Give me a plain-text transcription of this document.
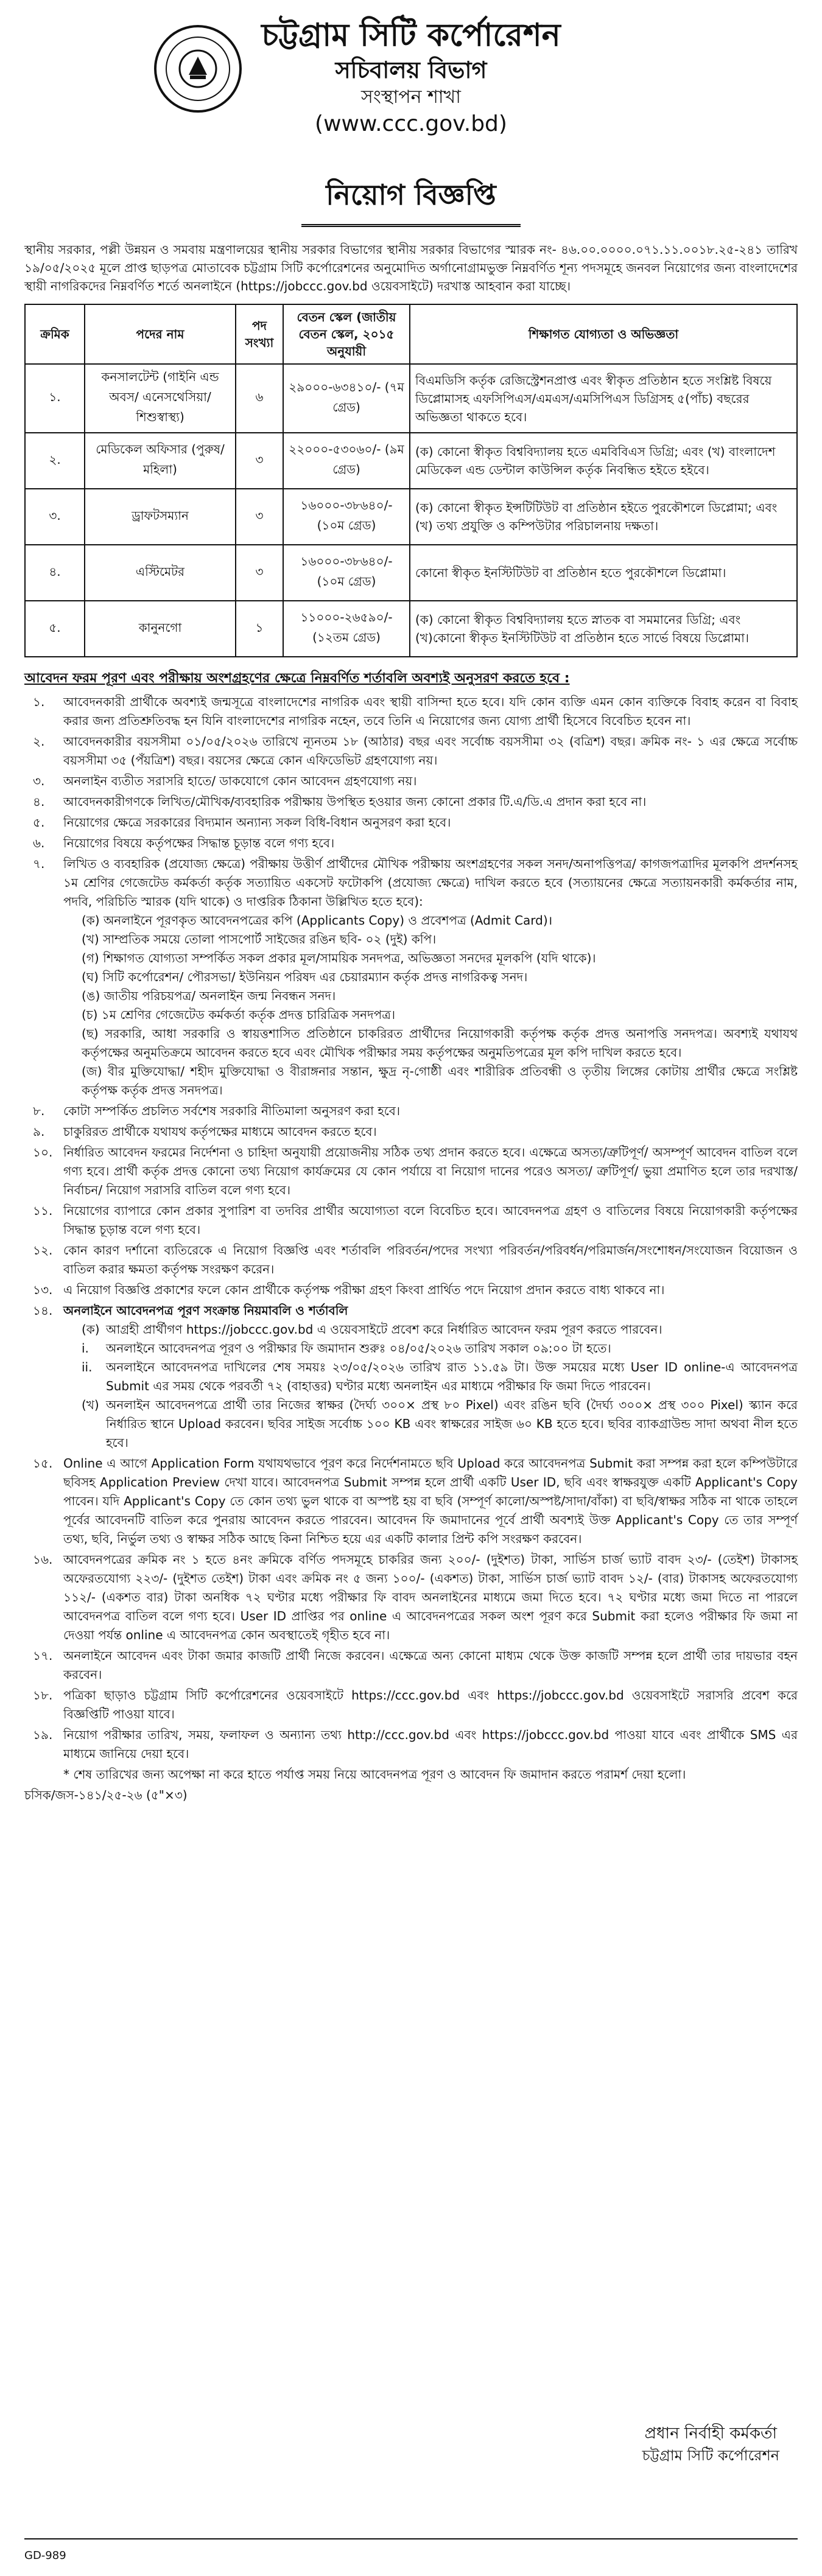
চট্টগ্রাম সিটি কর্পোরেশন
সচিবালয় বিভাগ
সংস্থাপন শাখা
(www.ccc.gov.bd)
নিয়োগ বিজ্ঞপ্তি
স্থানীয় সরকার, পল্লী উন্নয়ন ও সমবায় মন্ত্রণালয়ের স্থানীয় সরকার বিভাগের স্থানীয় সরকার বিভাগের স্মারক নং- ৪৬.০০.০০০০.০৭১.১১.০০১৮.২৫-২৪১ তারিখ ১৯/০৫/২০২৫ মূলে প্রাপ্ত ছাড়পত্র মোতাবেক চট্টগ্রাম সিটি কর্পোরেশনের অনুমোদিত অর্গানোগ্রামভুক্ত নিম্নবর্ণিত শূন্য পদসমূহে জনবল নিয়োগের জন্য বাংলাদেশের স্থায়ী নাগরিকদের নিম্নবর্ণিত শর্তে অনলাইনে (https://jobccc.gov.bd ওয়েবসাইটে) দরখাস্ত আহবান করা যাচ্ছে।
ক্রমিক	পদের নাম	পদ সংখ্যা	বেতন স্কেল (জাতীয় বেতন স্কেল, ২০১৫ অনুযায়ী	শিক্ষাগত যোগ্যতা ও অভিজ্ঞতা
১.	কনসালটেন্ট (গাইনি এন্ড অবস/ এনেসথেসিয়া/ শিশুস্বাস্থ্য)	৬	২৯০০০-৬৩৪১০/- (৭ম গ্রেড)	বিএমডিসি কর্তৃক রেজিস্ট্রেশনপ্রাপ্ত এবং স্বীকৃত প্রতিষ্ঠান হতে সংশ্লিষ্ট বিষয়ে ডিপ্লোমাসহ এফসিপিএস/এমএস/এমসিপিএস ডিগ্রিসহ ৫(পাঁচ) বছরের অভিজ্ঞতা থাকতে হবে।
২.	মেডিকেল অফিসার (পুরুষ/মহিলা)	৩	২২০০০-৫৩০৬০/- (৯ম গ্রেড)	(ক) কোনো স্বীকৃত বিশ্ববিদ্যালয় হতে এমবিবিএস ডিগ্রি; এবং (খ) বাংলাদেশ মেডিকেল এন্ড ডেন্টাল কাউন্সিল কর্তৃক নিবন্ধিত হইতে হইবে।
৩.	ড্রাফটসম্যান	৩	১৬০০০-৩৮৬৪০/- (১০ম গ্রেড)	(ক) কোনো স্বীকৃত ইন্সটিটিউট বা প্রতিষ্ঠান হইতে পুরকৌশলে ডিপ্লোমা; এবং (খ) তথ্য প্রযুক্তি ও কম্পিউটার পরিচালনায় দক্ষতা।
৪.	এস্টিমেটর	৩	১৬০০০-৩৮৬৪০/- (১০ম গ্রেড)	কোনো স্বীকৃত ইনস্টিটিউট বা প্রতিষ্ঠান হতে পুরকৌশলে ডিপ্লোমা।
৫.	কানুনগো	১	১১০০০-২৬৫৯০/- (১২তম গ্রেড)	(ক) কোনো স্বীকৃত বিশ্ববিদ্যালয় হতে স্নাতক বা সমমানের ডিগ্রি; এবং (খ)কোনো স্বীকৃত ইনস্টিটিউট বা প্রতিষ্ঠান হতে সার্ভে বিষয়ে ডিপ্লোমা।
আবেদন ফরম পূরণ এবং পরীক্ষায় অংশগ্রহণের ক্ষেত্রে নিম্নবর্ণিত শর্তাবলি অবশ্যই অনুসরণ করতে হবে :
১. আবেদনকারী প্রার্থীকে অবশ্যই জন্মসূত্রে বাংলাদেশের নাগরিক এবং স্থায়ী বাসিন্দা হতে হবে। যদি কোন ব্যক্তি এমন কোন ব্যক্তিকে বিবাহ করেন বা বিবাহ করার জন্য প্রতিশ্রুতিবদ্ধ হন যিনি বাংলাদেশের নাগরিক নহেন, তবে তিনি এ নিয়োগের জন্য যোগ্য প্রার্থী হিসেবে বিবেচিত হবেন না।
২. আবেদনকারীর বয়সসীমা ০১/০৫/২০২৬ তারিখে ন্যূনতম ১৮ (আঠার) বছর এবং সর্বোচ্চ বয়সসীমা ৩২ (বত্রিশ) বছর। ক্রমিক নং- ১ এর ক্ষেত্রে সর্বোচ্চ বয়সসীমা ৩৫ (পঁয়ত্রিশ) বছর। বয়সের ক্ষেত্রে কোন এফিডেভিট গ্রহণযোগ্য নয়।
৩. অনলাইন ব্যতীত সরাসরি হাতে/ ডাকযোগে কোন আবেদন গ্রহণযোগ্য নয়।
৪. আবেদনকারীগণকে লিখিত/মৌখিক/ব্যবহারিক পরীক্ষায় উপস্থিত হওয়ার জন্য কোনো প্রকার টি.এ/ডি.এ প্রদান করা হবে না।
৫. নিয়োগের ক্ষেত্রে সরকারের বিদ্যমান অন্যান্য সকল বিধি-বিধান অনুসরণ করা হবে।
৬. নিয়োগের বিষয়ে কর্তৃপক্ষের সিদ্ধান্ত চূড়ান্ত বলে গণ্য হবে।
৭. লিখিত ও ব্যবহারিক (প্রযোজ্য ক্ষেত্রে) পরীক্ষায় উত্তীর্ণ প্রার্থীদের মৌখিক পরীক্ষায় অংশগ্রহণের সকল সনদ/অনাপত্তিপত্র/ কাগজপত্রাদির মূলকপি প্রদর্শনসহ ১ম শ্রেণির গেজেটেড কর্মকর্তা কর্তৃক সত্যায়িত একসেট ফটোকপি (প্রযোজ্য ক্ষেত্রে) দাখিল করতে হবে (সত্যায়নের ক্ষেত্রে সত্যায়নকারী কর্মকর্তার নাম, পদবি, পরিচিতি স্মারক (যদি থাকে) ও দাপ্তরিক ঠিকানা উল্লিখিত হতে হবে):
(ক) অনলাইনে পূরণকৃত আবেদনপত্রের কপি (Applicants Copy) ও প্রবেশপত্র (Admit Card)।
(খ) সাম্প্রতিক সময়ে তোলা পাসপোর্ট সাইজের রঙিন ছবি- ০২ (দুই) কপি।
(গ) শিক্ষাগত যোগ্যতা সম্পর্কিত সকল প্রকার মূল/সাময়িক সনদপত্র, অভিজ্ঞতা সনদের মূলকপি (যদি থাকে)।
(ঘ) সিটি কর্পোরেশন/ পৌরসভা/ ইউনিয়ন পরিষদ এর চেয়ারম্যান কর্তৃক প্রদত্ত নাগরিকত্ব সনদ।
(ঙ) জাতীয় পরিচয়পত্র/ অনলাইন জন্ম নিবন্ধন সনদ।
(চ) ১ম শ্রেণির গেজেটেড কর্মকর্তা কর্তৃক প্রদত্ত চারিত্রিক সনদপত্র।
(ছ) সরকারি, আধা সরকারি ও স্বায়ত্তশাসিত প্রতিষ্ঠানে চাকরিরত প্রার্থীদের নিয়োগকারী কর্তৃপক্ষ কর্তৃক প্রদত্ত অনাপত্তি সনদপত্র। অবশ্যই যথাযথ কর্তৃপক্ষের অনুমতিক্রমে আবেদন করতে হবে এবং মৌখিক পরীক্ষার সময় কর্তৃপক্ষের অনুমতিপত্রের মূল কপি দাখিল করতে হবে।
(জ) বীর মুক্তিযোদ্ধা/ শহীদ মুক্তিযোদ্ধা ও বীরাঙ্গনার সন্তান, ক্ষুদ্র নৃ-গোষ্ঠী এবং শারীরিক প্রতিবন্ধী ও তৃতীয় লিঙ্গের কোটায় প্রার্থীর ক্ষেত্রে সংশ্লিষ্ট কর্তৃপক্ষ কর্তৃক প্রদত্ত সনদপত্র।
৮. কোটা সম্পর্কিত প্রচলিত সর্বশেষ সরকারি নীতিমালা অনুসরণ করা হবে।
৯. চাকুরিরত প্রার্থীকে যথাযথ কর্তৃপক্ষের মাধ্যমে আবেদন করতে হবে।
১০. নির্ধারিত আবেদন ফরমের নির্দেশনা ও চাহিদা অনুযায়ী প্রয়োজনীয় সঠিক তথ্য প্রদান করতে হবে। এক্ষেত্রে অসত্য/ত্রুটিপূর্ণ/ অসম্পূর্ণ আবেদন বাতিল বলে গণ্য হবে। প্রার্থী কর্তৃক প্রদত্ত কোনো তথ্য নিয়োগ কার্যক্রমের যে কোন পর্যায়ে বা নিয়োগ দানের পরেও অসত্য/ ত্রুটিপূর্ণ/ ভুয়া প্রমাণিত হলে তার দরখাস্ত/ নির্বাচন/ নিয়োগ সরাসরি বাতিল বলে গণ্য হবে।
১১. নিয়োগের ব্যাপারে কোন প্রকার সুপারিশ বা তদবির প্রার্থীর অযোগ্যতা বলে বিবেচিত হবে। আবেদনপত্র গ্রহণ ও বাতিলের বিষয়ে নিয়োগকারী কর্তৃপক্ষের সিদ্ধান্ত চূড়ান্ত বলে গণ্য হবে।
১২. কোন কারণ দর্শানো ব্যতিরেকে এ নিয়োগ বিজ্ঞপ্তি এবং শর্তাবলি পরিবর্তন/পদের সংখ্যা পরিবর্তন/পরিবর্ধন/পরিমার্জন/সংশোধন/সংযোজন বিয়োজন ও বাতিল করার ক্ষমতা কর্তৃপক্ষ সংরক্ষণ করেন।
১৩. এ নিয়োগ বিজ্ঞপ্তি প্রকাশের ফলে কোন প্রার্থীকে কর্তৃপক্ষ পরীক্ষা গ্রহণ কিংবা প্রার্থিত পদে নিয়োগ প্রদান করতে বাধ্য থাকবে না।
১৪. অনলাইনে আবেদনপত্র পূরণ সংক্রান্ত নিয়মাবলি ও শর্তাবলি
(ক) আগ্রহী প্রার্থীগণ https://jobccc.gov.bd এ ওয়েবসাইটে প্রবেশ করে নির্ধারিত আবেদন ফরম পূরণ করতে পারবেন।
i. অনলাইনে আবেদনপত্র পূরণ ও পরীক্ষার ফি জমাদান শুরুঃ ০৪/০৫/২০২৬ তারিখ সকাল ০৯:০০ টা হতে।
ii. অনলাইনে আবেদনপত্র দাখিলের শেষ সময়ঃ ২৩/০৫/২০২৬ তারিখ রাত ১১.৫৯ টা। উক্ত সময়ের মধ্যে User ID online-এ আবেদনপত্র Submit এর সময় থেকে পরবর্তী ৭২ (বাহাত্তর) ঘণ্টার মধ্যে অনলাইন এর মাধ্যমে পরীক্ষার ফি জমা দিতে পারবেন।
(খ) অনলাইন আবেদনপত্রে প্রার্থী তার নিজের স্বাক্ষর (দৈর্ঘ্য ৩০০× প্রস্থ ৮০ Pixel) এবং রঙিন ছবি (দৈর্ঘ্য ৩০০× প্রস্থ ৩০০ Pixel) স্ক্যান করে নির্ধারিত স্থানে Upload করবেন। ছবির সাইজ সর্বোচ্চ ১০০ KB এবং স্বাক্ষরের সাইজ ৬০ KB হতে হবে। ছবির ব্যাকগ্রাউন্ড সাদা অথবা নীল হতে হবে।
১৫. Online এ আগে Application Form যথাযথভাবে পূরণ করে নির্দেশনামতে ছবি Upload করে আবেদনপত্র Submit করা সম্পন্ন করা হলে কম্পিউটারে ছবিসহ Application Preview দেখা যাবে। আবেদনপত্র Submit সম্পন্ন হলে প্রার্থী একটি User ID, ছবি এবং স্বাক্ষরযুক্ত একটি Applicant's Copy পাবেন। যদি Applicant's Copy তে কোন তথ্য ভুল থাকে বা অস্পষ্ট হয় বা ছবি (সম্পূর্ণ কালো/অস্পষ্ট/সাদা/বাঁকা) বা ছবি/স্বাক্ষর সঠিক না থাকে তাহলে পূর্বের আবেদনটি বাতিল করে পুনরায় আবেদন করতে পারবেন। আবেদন ফি জমাদানের পূর্বে প্রার্থী অবশ্যই উক্ত Applicant's Copy তে তার সম্পূর্ণ তথ্য, ছবি, নির্ভুল তথ্য ও স্বাক্ষর সঠিক আছে কিনা নিশ্চিত হয়ে এর একটি কালার প্রিন্ট কপি সংরক্ষণ করবেন।
১৬. আবেদনপত্রের ক্রমিক নং ১ হতে ৪নং ক্রমিকে বর্ণিত পদসমূহে চাকরির জন্য ২০০/- (দুইশত) টাকা, সার্ভিস চার্জ ভ্যাট বাবদ ২৩/- (তেইশ) টাকাসহ অফেরতযোগ্য ২২৩/- (দুইশত তেইশ) টাকা এবং ক্রমিক নং ৫ জন্য ১০০/- (একশত) টাকা, সার্ভিস চার্জ ভ্যাট বাবদ ১২/- (বার) টাকাসহ অফেরতযোগ্য ১১২/- (একশত বার) টাকা অনধিক ৭২ ঘণ্টার মধ্যে পরীক্ষার ফি বাবদ অনলাইনের মাধ্যমে জমা দিতে হবে। ৭২ ঘণ্টার মধ্যে জমা দিতে না পারলে আবেদনপত্র বাতিল বলে গণ্য হবে। User ID প্রাপ্তির পর online এ আবেদনপত্রের সকল অংশ পূরণ করে Submit করা হলেও পরীক্ষার ফি জমা না দেওয়া পর্যন্ত online এ আবেদনপত্র কোন অবস্থাতেই গৃহীত হবে না।
১৭. অনলাইনে আবেদন এবং টাকা জমার কাজটি প্রার্থী নিজে করবেন। এক্ষেত্রে অন্য কোনো মাধ্যম থেকে উক্ত কাজটি সম্পন্ন হলে প্রার্থী তার দায়ভার বহন করবেন।
১৮. পত্রিকা ছাড়াও চট্টগ্রাম সিটি কর্পোরেশনের ওয়েবসাইটে https://ccc.gov.bd এবং https://jobccc.gov.bd ওয়েবসাইটে সরাসরি প্রবেশ করে বিজ্ঞপ্তিটি পাওয়া যাবে।
১৯. নিয়োগ পরীক্ষার তারিখ, সময়, ফলাফল ও অন্যান্য তথ্য http://ccc.gov.bd এবং https://jobccc.gov.bd পাওয়া যাবে এবং প্রার্থীকে SMS এর মাধ্যমে জানিয়ে দেয়া হবে।
* শেষ তারিখের জন্য অপেক্ষা না করে হাতে পর্যাপ্ত সময় নিয়ে আবেদনপত্র পূরণ ও আবেদন ফি জমাদান করতে পরামর্শ দেয়া হলো।
চসিক/জস-১৪১/২৫-২৬ (৫"×৩)
প্রধান নির্বাহী কর্মকর্তা
চট্টগ্রাম সিটি কর্পোরেশন
GD-989
